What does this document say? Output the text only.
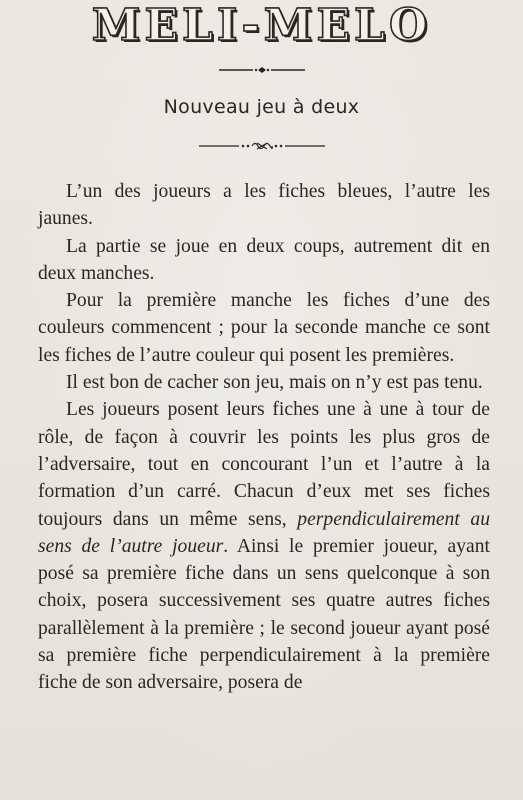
MELI-MELO
Nouveau jeu à deux

L’un des joueurs a les fiches bleues, l’autre les jaunes.

La partie se joue en deux coups, autrement dit en deux manches.

Pour la première manche les fiches d’une des couleurs commencent ; pour la seconde manche ce sont les fiches de l’autre couleur qui posent les premières.

Il est bon de cacher son jeu, mais on n’y est pas tenu.

Les joueurs posent leurs fiches une à une à tour de rôle, de façon à couvrir les points les plus gros de l’adversaire, tout en concourant l’un et l’autre à la formation d’un carré. Chacun d’eux met ses fiches toujours dans un même sens, perpendiculairement au sens de l’autre joueur. Ainsi le premier joueur, ayant posé sa première fiche dans un sens quelconque à son choix, posera successivement ses quatre autres fiches parallèlement à la première ; le second joueur ayant posé sa première fiche perpendiculairement à la première fiche de son adversaire, posera de
